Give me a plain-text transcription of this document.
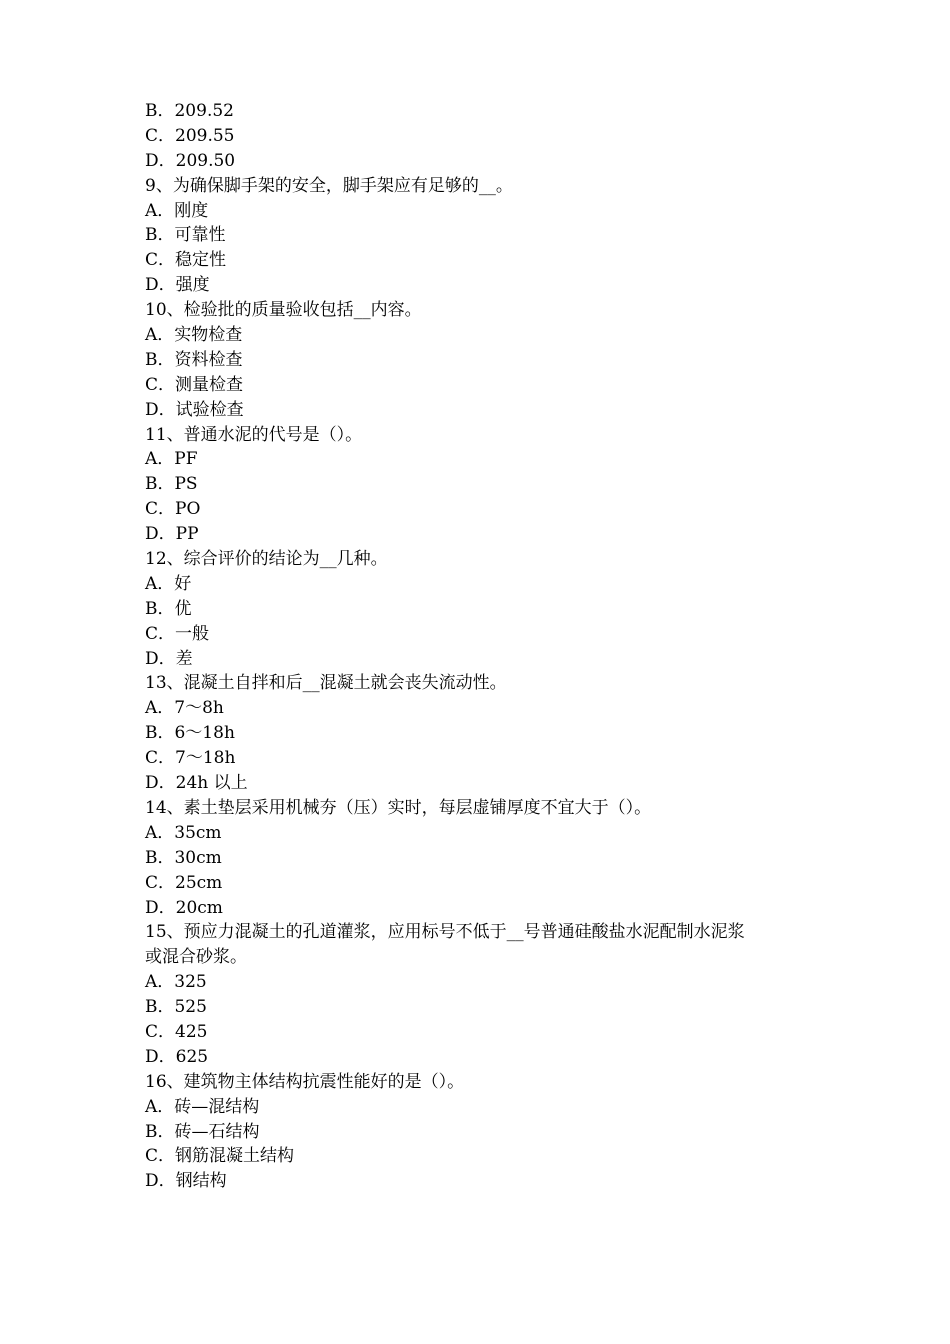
B．209.52
C．209.55
D．209.50
9、为确保脚手架的安全，脚手架应有足够的__。
A．刚度
B．可靠性
C．稳定性
D．强度
10、检验批的质量验收包括__内容。
A．实物检查
B．资料检查
C．测量检查
D．试验检查
11、普通水泥的代号是（）。
A．PF
B．PS
C．PO
D．PP
12、综合评价的结论为__几种。
A．好
B．优
C．一般
D．差
13、混凝土自拌和后__混凝土就会丧失流动性。
A．7～8h
B．6～18h
C．7～18h
D．24h 以上
14、素土垫层采用机械夯（压）实时，每层虚铺厚度不宜大于（）。
A．35cm
B．30cm
C．25cm
D．20cm
15、预应力混凝土的孔道灌浆，应用标号不低于__号普通硅酸盐水泥配制水泥浆
或混合砂浆。
A．325
B．525
C．425
D．625
16、建筑物主体结构抗震性能好的是（）。
A．砖—混结构
B．砖—石结构
C．钢筋混凝土结构
D．钢结构
